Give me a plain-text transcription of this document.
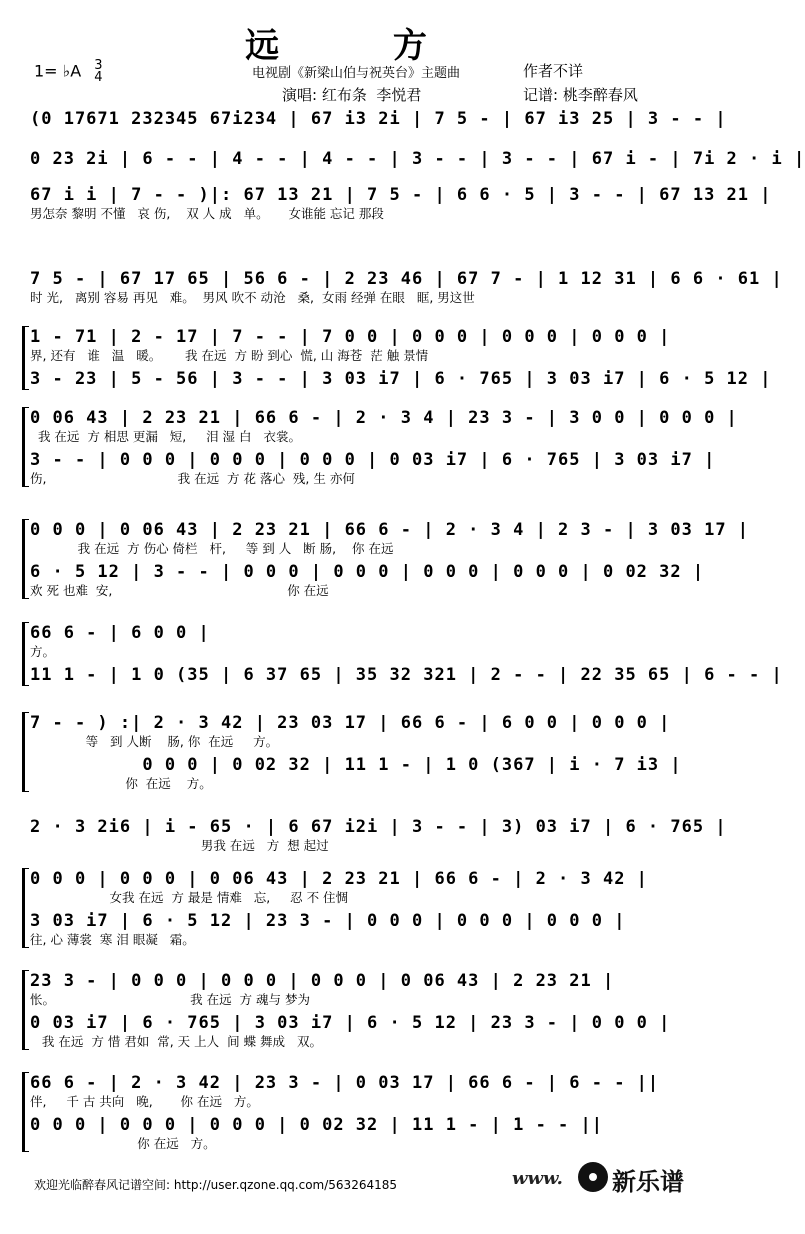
远  方
1= ♭A 3
4	电视剧《新梁山伯与祝英台》主题曲	作者不详
演唱: 红布条  李悦君	记谱: 桃李醉春风
(0 17671 232345 67i234 | 67 i3 2i | 7 5 - | 67 i3 25 | 3 - - |
0 23 2i | 6 - - | 4 - - | 4 - - | 3 - - | 3 - - | 67 i - | 7i 2 · i |
67 i i | 7 - - )|: 67 13 21 | 7 5 - | 6 6 · 5 | 3 - - | 67 13 21 |
男怎奈 黎明 不懂   哀 伤,    双 人 成   单。     女谁能 忘记 那段
7 5 - | 67 17 65 | 56 6 - | 2 23 46 | 67 7 - | 1 12 31 | 6 6 · 61 |
时 光,   离别 容易 再见   难。  男风 吹不 动沧   桑,  女雨 经弹 在眼   眶, 男这世
1 - 71 | 2 - 17 | 7 - - | 7 0 0 | 0 0 0 | 0 0 0 | 0 0 0 |
界, 还有   谁   温   暖。      我 在远  方 盼 到心  慌, 山 海苍  茫 触 景情
3 - 23 | 5 - 56 | 3 - - | 3 03 i7 | 6 · 765 | 3 03 i7 | 6 · 5 12 |
0 06 43 | 2 23 21 | 66 6 - | 2 · 3 4 | 23 3 - | 3 0 0 | 0 0 0 |
我 在远  方 相思 更漏   短,     泪 湿 白   衣裳。
3 - - | 0 0 0 | 0 0 0 | 0 0 0 | 0 03 i7 | 6 · 765 | 3 03 i7 |
伤,                                 我 在远  方 花 落心  残, 生 亦何
0 0 0 | 0 06 43 | 2 23 21 | 66 6 - | 2 · 3 4 | 2 3 - | 3 03 17 |
我 在远  方 伤心 倚栏   杆,     等 到 人   断 肠,    你 在远
6 · 5 12 | 3 - - | 0 0 0 | 0 0 0 | 0 0 0 | 0 0 0 | 0 02 32 |
欢 死 也难  安,                                            你 在远
66 6 - | 6 0 0 |
方。
11 1 - | 1 0 (35 | 6 37 65 | 35 32 321 | 2 - - | 22 35 65 | 6 - - |
7 - - ) :| 2 · 3 42 | 23 03 17 | 66 6 - | 6 0 0 | 0 0 0 |
等   到 人断    肠, 你  在远     方。
0 0 0 | 0 02 32 | 11 1 - | 1 0 (367 | i · 7 i3 |
你  在远    方。
2 · 3 2i6 | i - 65 · | 6 67 i2i | 3 - - | 3) 03 i7 | 6 · 765 |
男我 在远   方  想 起过
0 0 0 | 0 0 0 | 0 06 43 | 2 23 21 | 66 6 - | 2 · 3 42 |
女我 在远  方 最是 情难   忘,     忍 不 住惆
3 03 i7 | 6 · 5 12 | 23 3 - | 0 0 0 | 0 0 0 | 0 0 0 |
往, 心 薄裳  寒 泪 眼凝   霜。
23 3 - | 0 0 0 | 0 0 0 | 0 0 0 | 0 06 43 | 2 23 21 |
怅。                                  我 在远  方 魂与 梦为
0 03 i7 | 6 · 765 | 3 03 i7 | 6 · 5 12 | 23 3 - | 0 0 0 |
我 在远  方 惜 君如  常, 天 上人  间 蝶 舞成   双。
66 6 - | 2 · 3 42 | 23 3 - | 0 03 17 | 66 6 - | 6 - - ||
伴,     千 古 共向   晚,       你 在远   方。
0 0 0 | 0 0 0 | 0 0 0 | 0 02 32 | 11 1 - | 1 - - ||
你 在远   方。
欢迎光临醉春风记谱空间: http://user.qzone.qq.com/563264185

	www.

新乐谱
